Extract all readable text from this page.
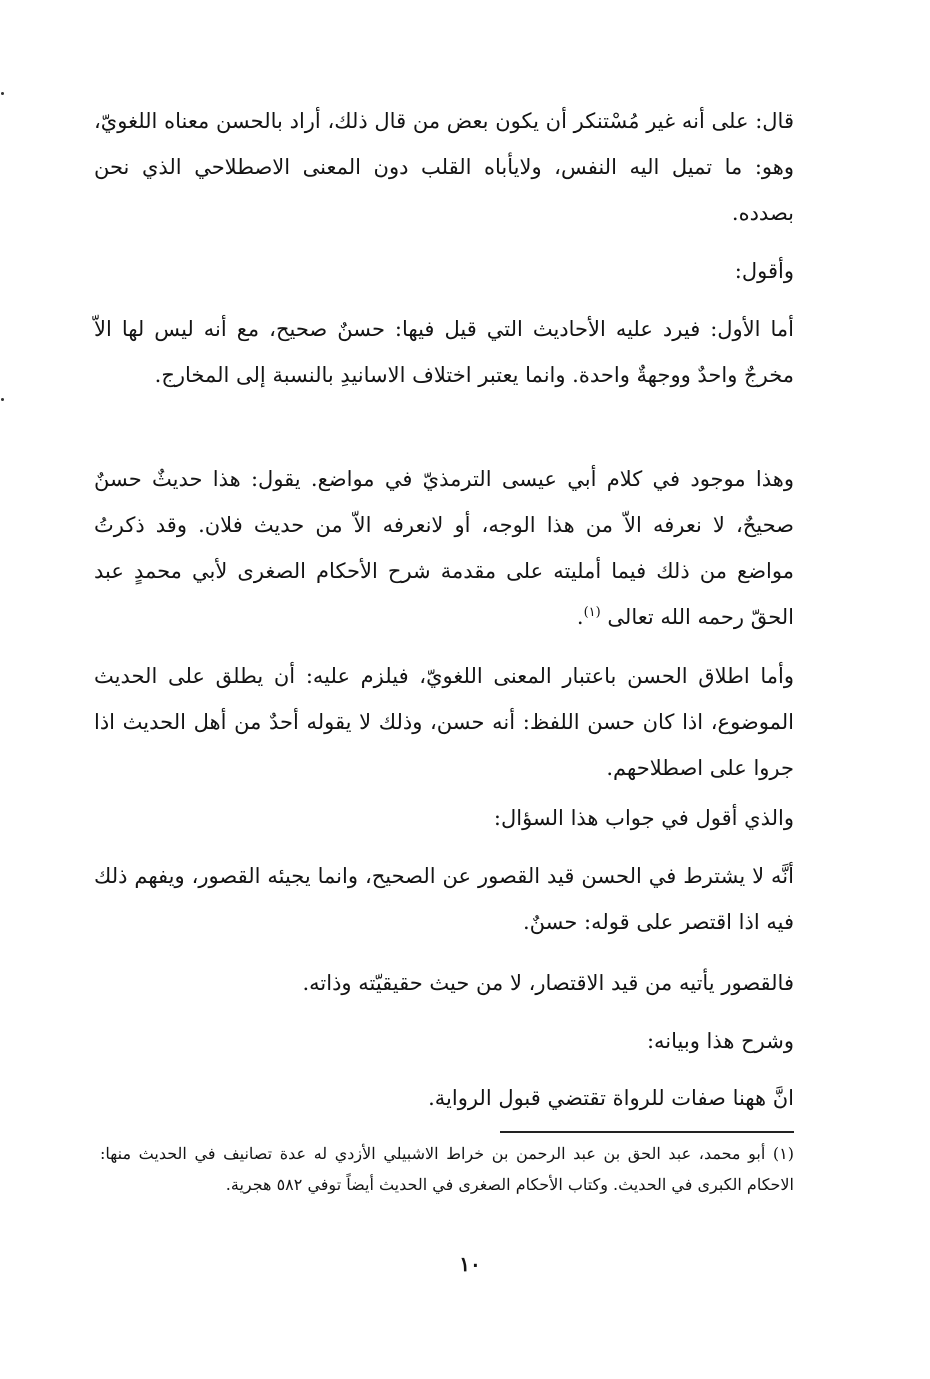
قال: على أنه غير مُسْتنكر أن يكون بعض من قال ذلك، أراد بالحسن معناه اللغويّ، وهو: ما تميل اليه النفس، ولايأباه القلب دون المعنى الاصطلاحي الذي نحن بصدده.

وأقول:

أما الأول: فيرد عليه الأحاديث التي قيل فيها: حسنٌ صحيح، مع أنه ليس لها الاّ مخرجٌ واحدٌ ووجهةٌ واحدة. وانما يعتبر اختلاف الاسانيدِ بالنسبة إلى المخارج.

وهذا موجود في كلام أبي عيسى الترمذيّ في مواضع. يقول: هذا حديثٌ حسنٌ صحيحٌ، لا نعرفه الاّ من هذا الوجه، أو لانعرفه الاّ من حديث فلان. وقد ذكرتُ مواضع من ذلك فيما أمليته على مقدمة شرح الأحكام الصغرى لأبي محمدٍ عبد الحقّ رحمه الله تعالى $^{(١)}$.

وأما اطلاق الحسن باعتبار المعنى اللغويّ، فيلزم عليه: أن يطلق على الحديث الموضوع، اذا كان حسن اللفظ: أنه حسن، وذلك لا يقوله أحدٌ من أهل الحديث اذا جروا على اصطلاحهم.

والذي أقول في جواب هذا السؤال:

أنَّه لا يشترط في الحسن قيد القصور عن الصحيح، وانما يجيئه القصور، ويفهم ذلك فيه اذا اقتصر على قوله: حسنٌ.

فالقصور يأتيه من قيد الاقتصار، لا من حيث حقيقيّته وذاته.

وشرح هذا وبيانه:

انَّ ههنا صفات للرواة تقتضي قبول الرواية.

(١) أبو محمد، عبد الحق بن عبد الرحمن بن خراط الاشبيلي الأزدي له عدة تصانيف في الحديث منها: الاحكام الكبرى في الحديث. وكتاب الأحكام الصغرى في الحديث أيضاً توفي ٥٨٢ هجرية.

١٠
